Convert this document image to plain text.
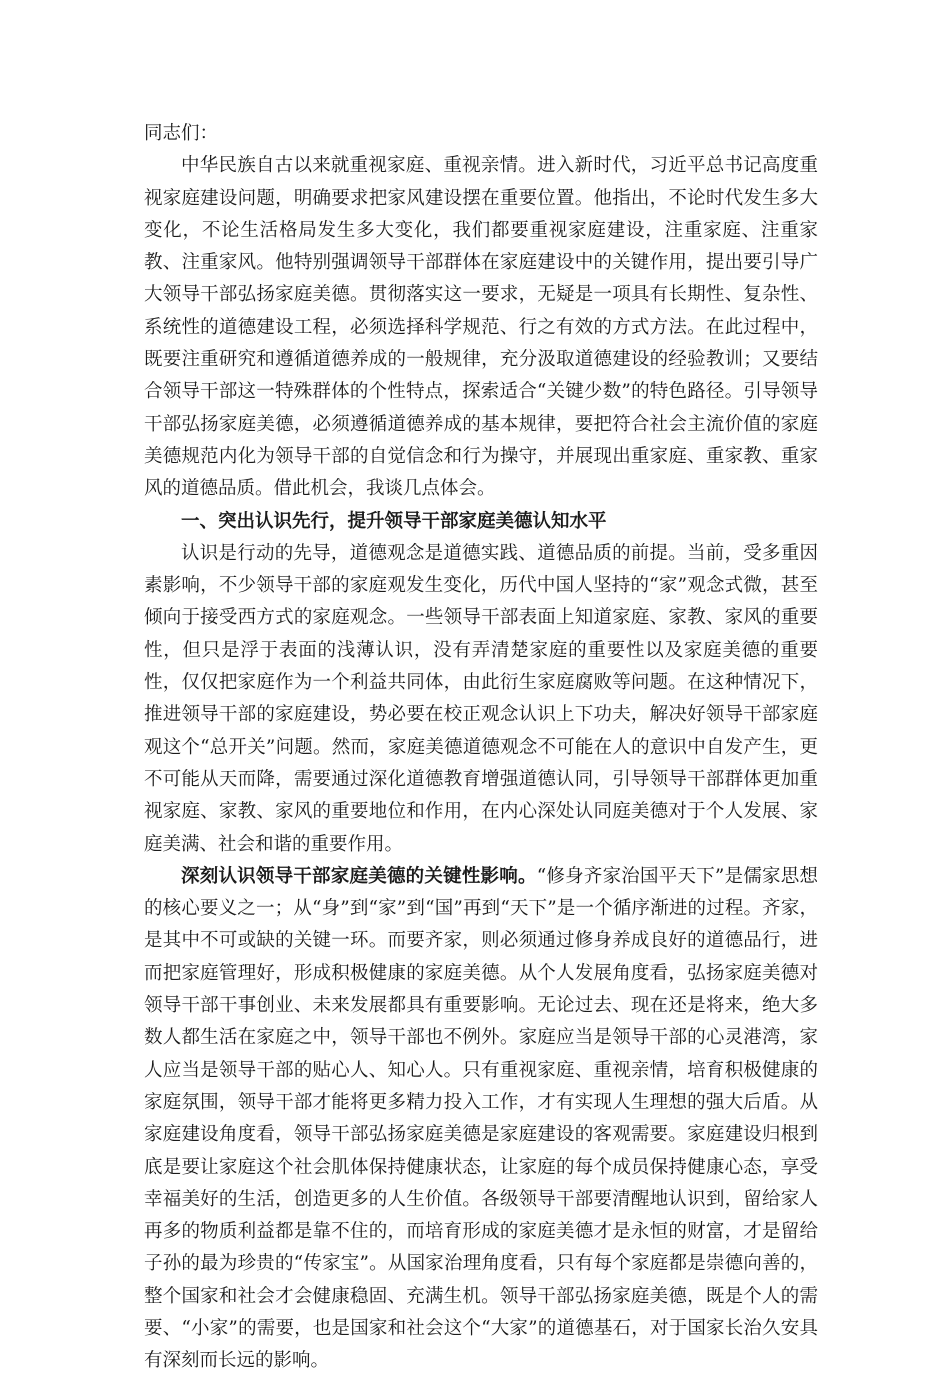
同志们：

中华民族自古以来就重视家庭、重视亲情。进入新时代，习近平总书记高度重视家庭建设问题，明确要求把家风建设摆在重要位置。他指出，不论时代发生多大变化，不论生活格局发生多大变化，我们都要重视家庭建设，注重家庭、注重家教、注重家风。他特别强调领导干部群体在家庭建设中的关键作用，提出要引导广大领导干部弘扬家庭美德。贯彻落实这一要求，无疑是一项具有长期性、复杂性、系统性的道德建设工程，必须选择科学规范、行之有效的方式方法。在此过程中，既要注重研究和遵循道德养成的一般规律，充分汲取道德建设的经验教训；又要结合领导干部这一特殊群体的个性特点，探索适合“关键少数”的特色路径。引导领导干部弘扬家庭美德，必须遵循道德养成的基本规律，要把符合社会主流价值的家庭美德规范内化为领导干部的自觉信念和行为操守，并展现出重家庭、重家教、重家风的道德品质。借此机会，我谈几点体会。

一、突出认识先行，提升领导干部家庭美德认知水平

认识是行动的先导，道德观念是道德实践、道德品质的前提。当前，受多重因素影响，不少领导干部的家庭观发生变化，历代中国人坚持的“家”观念式微，甚至倾向于接受西方式的家庭观念。一些领导干部表面上知道家庭、家教、家风的重要性，但只是浮于表面的浅薄认识，没有弄清楚家庭的重要性以及家庭美德的重要性，仅仅把家庭作为一个利益共同体，由此衍生家庭腐败等问题。在这种情况下，推进领导干部的家庭建设，势必要在校正观念认识上下功夫，解决好领导干部家庭观这个“总开关”问题。然而，家庭美德道德观念不可能在人的意识中自发产生，更不可能从天而降，需要通过深化道德教育增强道德认同，引导领导干部群体更加重视家庭、家教、家风的重要地位和作用，在内心深处认同庭美德对于个人发展、家庭美满、社会和谐的重要作用。

深刻认识领导干部家庭美德的关键性影响。“修身齐家治国平天下”是儒家思想的核心要义之一；从“身”到“家”到“国”再到“天下”是一个循序渐进的过程。齐家，是其中不可或缺的关键一环。而要齐家，则必须通过修身养成良好的道德品行，进而把家庭管理好，形成积极健康的家庭美德。从个人发展角度看，弘扬家庭美德对领导干部干事创业、未来发展都具有重要影响。无论过去、现在还是将来，绝大多数人都生活在家庭之中，领导干部也不例外。家庭应当是领导干部的心灵港湾，家人应当是领导干部的贴心人、知心人。只有重视家庭、重视亲情，培育积极健康的家庭氛围，领导干部才能将更多精力投入工作，才有实现人生理想的强大后盾。从家庭建设角度看，领导干部弘扬家庭美德是家庭建设的客观需要。家庭建设归根到底是要让家庭这个社会肌体保持健康状态，让家庭的每个成员保持健康心态，享受幸福美好的生活，创造更多的人生价值。各级领导干部要清醒地认识到，留给家人再多的物质利益都是靠不住的，而培育形成的家庭美德才是永恒的财富，才是留给子孙的最为珍贵的“传家宝”。从国家治理角度看，只有每个家庭都是崇德向善的，整个国家和社会才会健康稳固、充满生机。领导干部弘扬家庭美德，既是个人的需要、“小家”的需要，也是国家和社会这个“大家”的道德基石，对于国家长治久安具有深刻而长远的影响。
